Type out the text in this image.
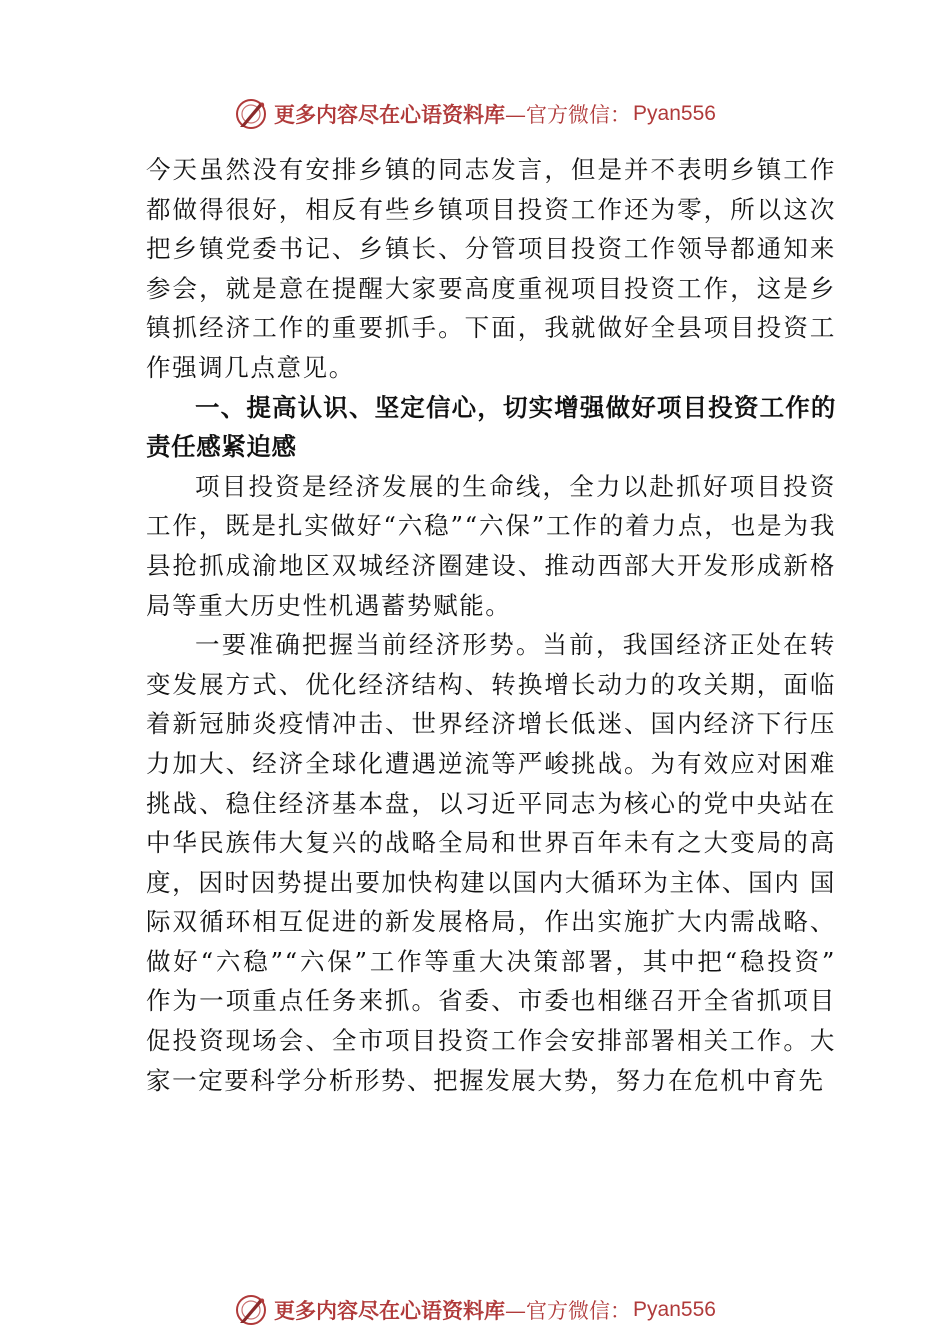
更多内容尽在心语资料库 —官方微信： Pyan556

今天虽然没有安排乡镇的同志发言，但是并不表明乡镇工作都做得很好，相反有些乡镇项目投资工作还为零，所以这次把乡镇党委书记、乡镇长、分管项目投资工作领导都通知来参会，就是意在提醒大家要高度重视项目投资工作，这是乡镇抓经济工作的重要抓手。下面，我就做好全县项目投资工作强调几点意见。

一、提高认识、坚定信心，切实增强做好项目投资工作的责任感紧迫感

项目投资是经济发展的生命线，全力以赴抓好项目投资工作，既是扎实做好“六稳”“六保”工作的着力点，也是为我县抢抓成渝地区双城经济圈建设、推动西部大开发形成新格局等重大历史性机遇蓄势赋能。

一要准确把握当前经济形势。当前，我国经济正处在转变发展方式、优化经济结构、转换增长动力的攻关期，面临着新冠肺炎疫情冲击、世界经济增长低迷、国内经济下行压 力加大、经济全球化遭遇逆流等严峻挑战。为有效应对困难 挑战、稳住经济基本盘，以习近平同志为核心的党中央站在中华民族伟大复兴的战略全局和世界百年未有之大变局的高度，因时因势提出要加快构建以国内大循环为主体、国内 国际双循环相互促进的新发展格局，作出实施扩大内需战略、做好“六稳”“六保”工作等重大决策部署，其中把“稳投资” 作为一项重点任务来抓。省委、市委也相继召开全省抓项目促投资现场会、全市项目投资工作会安排部署相关工作。大家一定要科学分析形势、把握发展大势，努力在危机中育先

更多内容尽在心语资料库 —官方微信： Pyan556
